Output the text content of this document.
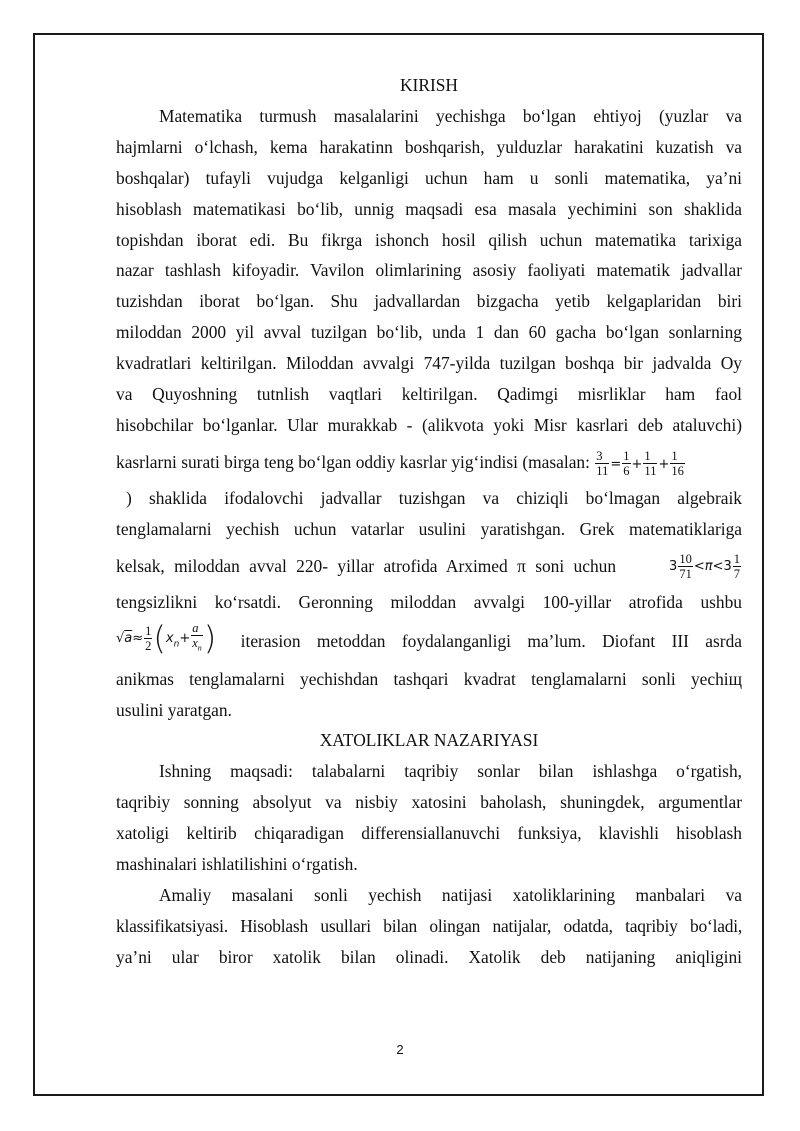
KIRISH
Matematika turmush masalalarini yechishga bo‘lgan ehtiyoj (yuzlar va
hajmlarni o‘lchash, kema harakatinn boshqarish, yulduzlar harakatini kuzatish va
boshqalar) tufayli vujudga kelganligi uchun ham u sonli matematika, ya’ni
hisoblash matematikasi bo‘lib, unnig maqsadi esa masala yechimini son shaklida
topishdan iborat edi. Bu fikrga ishonch hosil qilish uchun matematika tarixiga
nazar tashlash kifoyadir. Vavilon olimlarining asosiy faoliyati matematik jadvallar
tuzishdan iborat bo‘lgan. Shu jadvallardan bizgacha yetib kelgaplaridan biri
miloddan 2000 yil avval tuzilgan bo‘lib, unda 1 dan 60 gacha bo‘lgan sonlarning
kvadratlari keltirilgan. Miloddan avvalgi 747-yilda tuzilgan boshqa bir jadvalda Oy
va Quyoshning tutnlish vaqtlari keltirilgan. Qadimgi misrliklar ham faol
hisobchilar bo‘lganlar. Ular murakkab - (alikvota yoki Misr kasrlari deb ataluvchi)
kasrlarni surati birga teng bo‘lgan oddiy kasrlar yig‘indisi (masalan: $\frac{3}{11} = \frac{1}{6} + \frac{1}{11} + \frac{1}{16}$
) shaklida ifodalovchi jadvallar tuzishgan va chiziqli bo‘lmagan algebraik
tenglamalarni yechish uchun vatarlar usulini yaratishgan. Grek matematiklariga
kelsak, miloddan avval 220- yillar atrofida Arximed π soni uchun	$3 \frac{10}{71} <\pi<3 \frac{1}{7}$
tengsizlikni ko‘rsatdi. Geronning miloddan avvalgi 100-yillar atrofida ushbu
$√a\approx \frac{1}{2} (x_n+ \frac{a}{x_n}$ ) iterasion metoddan foydalanganligi ma’lum. Diofant III asrda
anikmas tenglamalarni yechishdan tashqari kvadrat tenglamalarni sonli yechiщ
usulini yaratgan.
XATOLIKLAR NAZARIYASI
Ishning maqsadi: talabalarni taqribiy sonlar bilan ishlashga o‘rgatish,
taqribiy sonning absolyut va nisbiy xatosini baholash, shuningdek, argumentlar
xatoligi keltirib chiqaradigan differensiallanuvchi funksiya, klavishli hisoblash
mashinalari ishlatilishini o‘rgatish.
Amaliy masalani sonli yechish natijasi xatoliklarining manbalari va
klassifikatsiyasi. Hisoblash usullari bilan olingan natijalar, odatda, taqribiy bo‘ladi,
ya’ni ular biror xatolik bilan olinadi. Xatolik deb natijaning aniqligini
2
